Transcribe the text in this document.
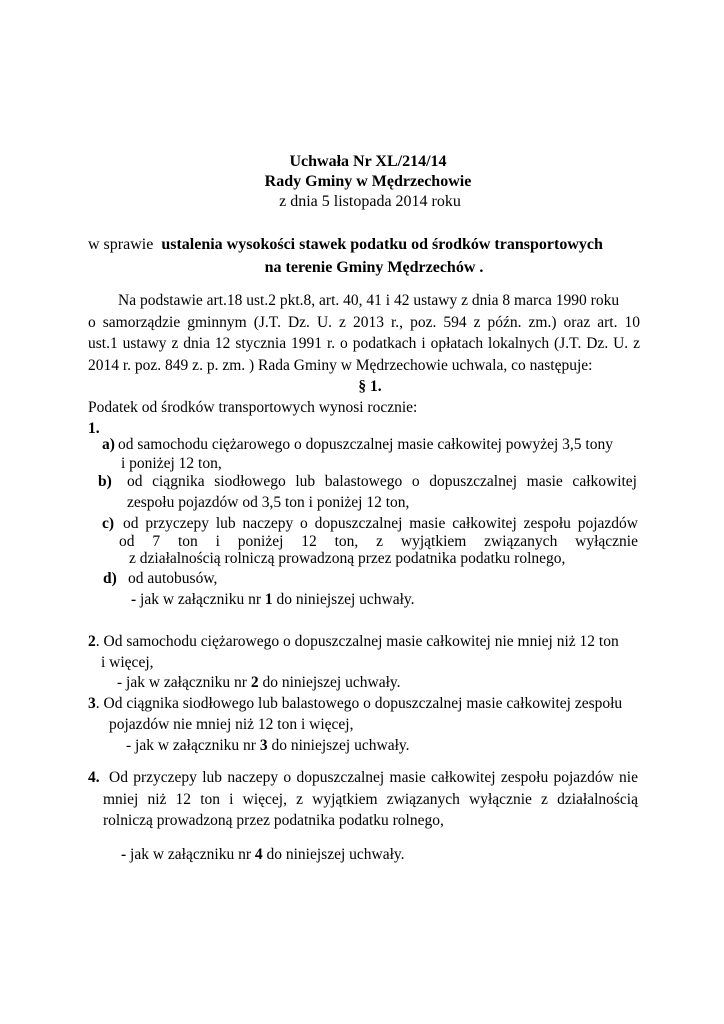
Uchwała Nr XL/214/14
Rady Gminy w Mędrzechowie
z dnia 5 listopada 2014 roku
w sprawie ustalenia wysokości stawek podatku od środków transportowych
na terenie Gminy Mędrzechów .
Na podstawie art.18 ust.2 pkt.8, art. 40, 41 i 42 ustawy z dnia 8 marca 1990 roku
o samorządzie gminnym (J.T. Dz. U. z 2013 r., poz. 594 z późn. zm.) oraz art. 10
ust.1 ustawy z dnia 12 stycznia 1991 r. o podatkach i opłatach lokalnych (J.T. Dz. U. z
2014 r. poz. 849 z. p. zm. ) Rada Gminy w Mędrzechowie uchwala, co następuje:
§ 1.
Podatek od środków transportowych wynosi rocznie:
1.
a) od samochodu ciężarowego o dopuszczalnej masie całkowitej powyżej 3,5 tony
i poniżej 12 ton,
b) od ciągnika siodłowego lub balastowego o dopuszczalnej masie całkowitej
zespołu pojazdów od 3,5 ton i poniżej 12 ton,
c) od przyczepy lub naczepy o dopuszczalnej masie całkowitej zespołu pojazdów
od 7 ton i poniżej 12 ton, z wyjątkiem związanych wyłącznie
z działalnością rolniczą prowadzoną przez podatnika podatku rolnego,
d) od autobusów,
- jak w załączniku nr 1 do niniejszej uchwały.
2. Od samochodu ciężarowego o dopuszczalnej masie całkowitej nie mniej niż 12 ton
i więcej,
- jak w załączniku nr 2 do niniejszej uchwały.
3. Od ciągnika siodłowego lub balastowego o dopuszczalnej masie całkowitej zespołu
pojazdów nie mniej niż 12 ton i więcej,
- jak w załączniku nr 3 do niniejszej uchwały.
4. Od przyczepy lub naczepy o dopuszczalnej masie całkowitej zespołu pojazdów nie
mniej niż 12 ton i więcej, z wyjątkiem związanych wyłącznie z działalnością
rolniczą prowadzoną przez podatnika podatku rolnego,
- jak w załączniku nr 4 do niniejszej uchwały.
